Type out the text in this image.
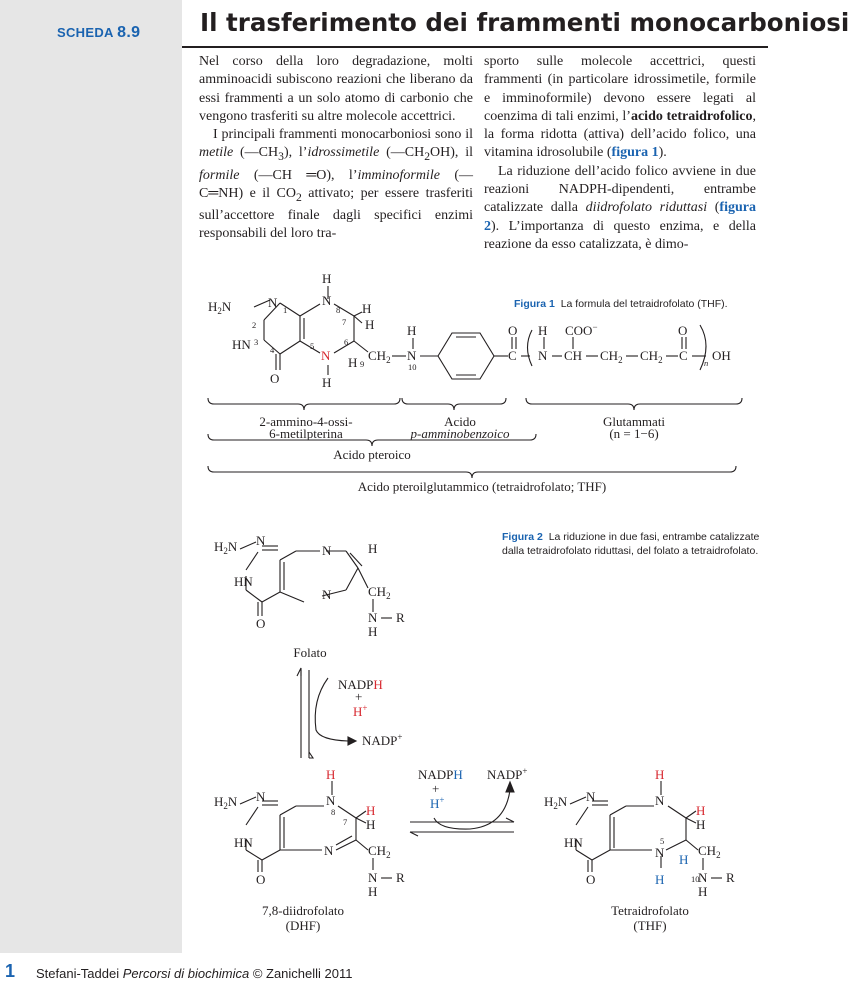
SCHEDA 8.9 Il trasferimento dei frammenti monocarboniosi

Nel corso della loro degradazione, molti amminoacidi subiscono reazioni che liberano da essi frammenti a un solo atomo di carbonio che vengono trasferiti su altre molecole accettrici.

I principali frammenti monocarboniosi sono il metile $(—CH_3)$, l’idrossimetile $(—CH_2OH)$, il formile (—CH ═O), l’imminoformile (—C═NH) e il $CO_2$ attivato; per essere trasferiti sull’accettore finale dagli specifici enzimi responsabili del loro tra-

sporto sulle molecole accettrici, questi frammenti (in particolare idrossimetile, formile e imminoformile) devono essere legati al coenzima di tali enzimi, l’acido tetraidrofolico, la forma ridotta (attiva) dell’acido folico, una vitamina idrosolubile (figura 1).

La riduzione dell’acido folico avviene in due reazioni NADPH-dipendenti, entrambe catalizzate dalla diidrofolato riduttasi (figura 2). L’importanza di questo enzima, e della reazione da esso catalizzata, è dimo-

Figura 1 La formula del tetraidrofolato (THF).
Figura 2 La riduzione in due fasi, entrambe catalizzate dalla tetraidrofolato riduttasi, del folato a tetraidrofolato.
H
$H_2N$	N 1
N
8 H
7 H
2
HN 3
4	5	6
N H 9
$CH_2$
H
N
10
O	H
O
C
H
N
COO−
CH $CH_2$ $CH_2$
O
C n OH
2-ammino-4-ossi-
6-metilpterina
Acido
p-amminobenzoico
Glutammati
(n = 1−6)
Acido pteroico
Acido pteroilglutammico (tetraidrofolato; THF)
$H_2N$ N
N	H
HN
N	$CH_2$
O	N R
H
Folato
NADPH
+
H+
NADP+
H
$H_2N$ N	N
8 H
7 H
HN
N	$CH_2$
O	N R
H
7,8-diidrofolato
(DHF)
NADPH
+
H+
NADP+	H
$H_2N$ N	N
H
H
HN	5
N H
$CH_2$
O	H	10
N R
H
Tetraidrofolato
(THF)
1 Stefani-Taddei Percorsi di biochimica © Zanichelli 2011
